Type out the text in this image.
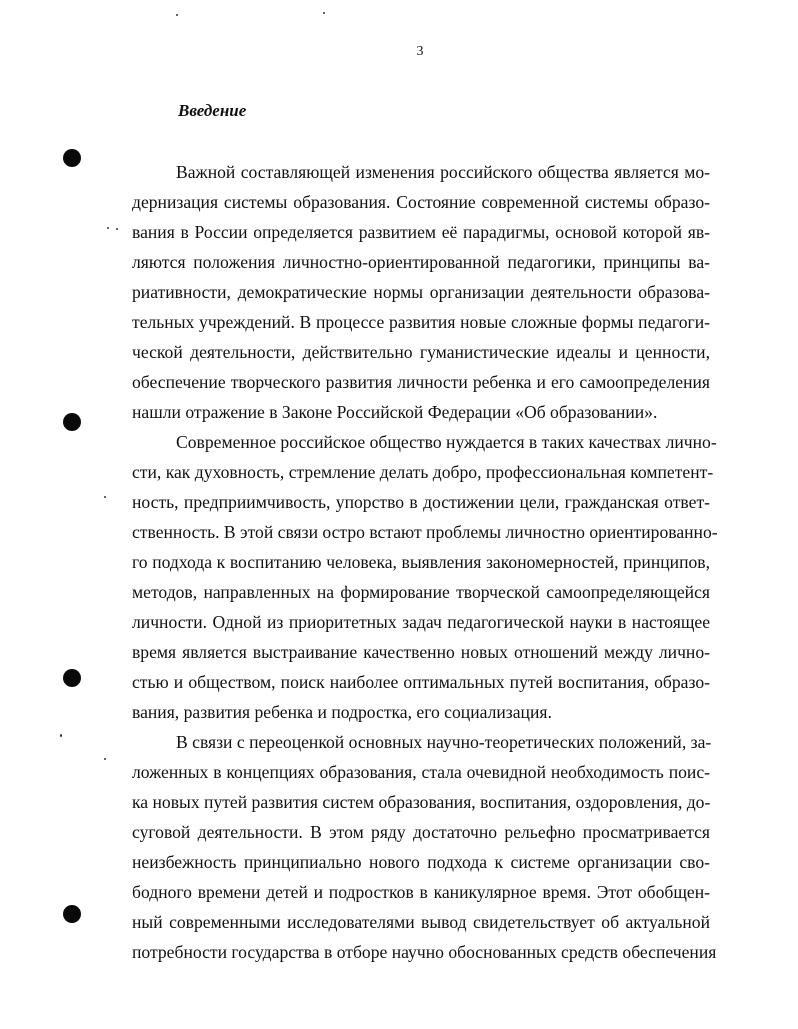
3
Введение
Важной составляющей изменения российского общества является мо-
дернизация системы образования. Состояние современной системы образо-
вания в России определяется развитием её парадигмы, основой которой яв-
ляются положения личностно-ориентированной педагогики, принципы ва-
риативности, демократические нормы организации деятельности образова-
тельных учреждений. В процессе развития новые сложные формы педагоги-
ческой деятельности, действительно гуманистические идеалы и ценности,
обеспечение творческого развития личности ребенка и его самоопределения
нашли отражение в Законе Российской Федерации «Об образовании».
Современное российское общество нуждается в таких качествах лично-
сти, как духовность, стремление делать добро, профессиональная компетент-
ность, предприимчивость, упорство в достижении цели, гражданская ответ-
ственность. В этой связи остро встают проблемы личностно ориентированно-
го подхода к воспитанию человека, выявления закономерностей, принципов,
методов, направленных на формирование творческой самоопределяющейся
личности. Одной из приоритетных задач педагогической науки в настоящее
время является выстраивание качественно новых отношений между лично-
стью и обществом, поиск наиболее оптимальных путей воспитания, образо-
вания, развития ребенка и подростка, его социализация.
В связи с переоценкой основных научно-теоретических положений, за-
ложенных в концепциях образования, стала очевидной необходимость поис-
ка новых путей развития систем образования, воспитания, оздоровления, до-
суговой деятельности. В этом ряду достаточно рельефно просматривается
неизбежность принципиально нового подхода к системе организации сво-
бодного времени детей и подростков в каникулярное время. Этот обобщен-
ный современными исследователями вывод свидетельствует об актуальной
потребности государства в отборе научно обоснованных средств обеспечения
